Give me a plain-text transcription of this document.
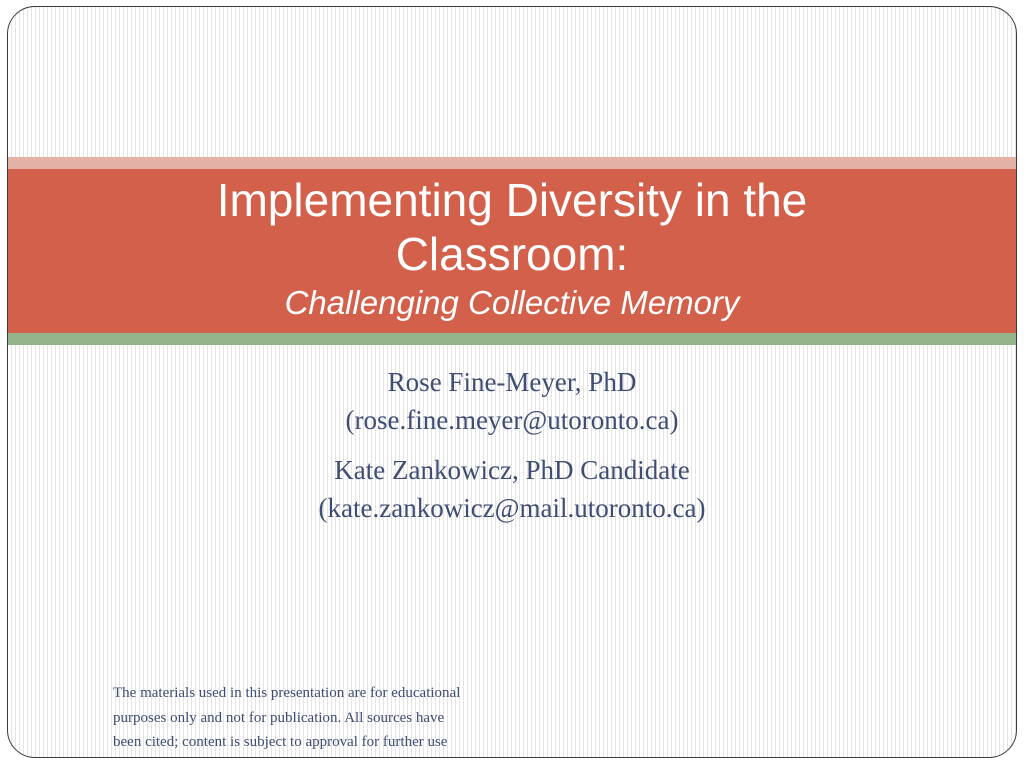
Implementing Diversity in the
Classroom:
Challenging Collective Memory
Rose Fine-Meyer, PhD
(rose.fine.meyer@utoronto.ca)
Kate Zankowicz, PhD Candidate
(kate.zankowicz@mail.utoronto.ca)
The materials used in this presentation are for educational
purposes only and not for publication. All sources have
been cited; content is subject to approval for further use
